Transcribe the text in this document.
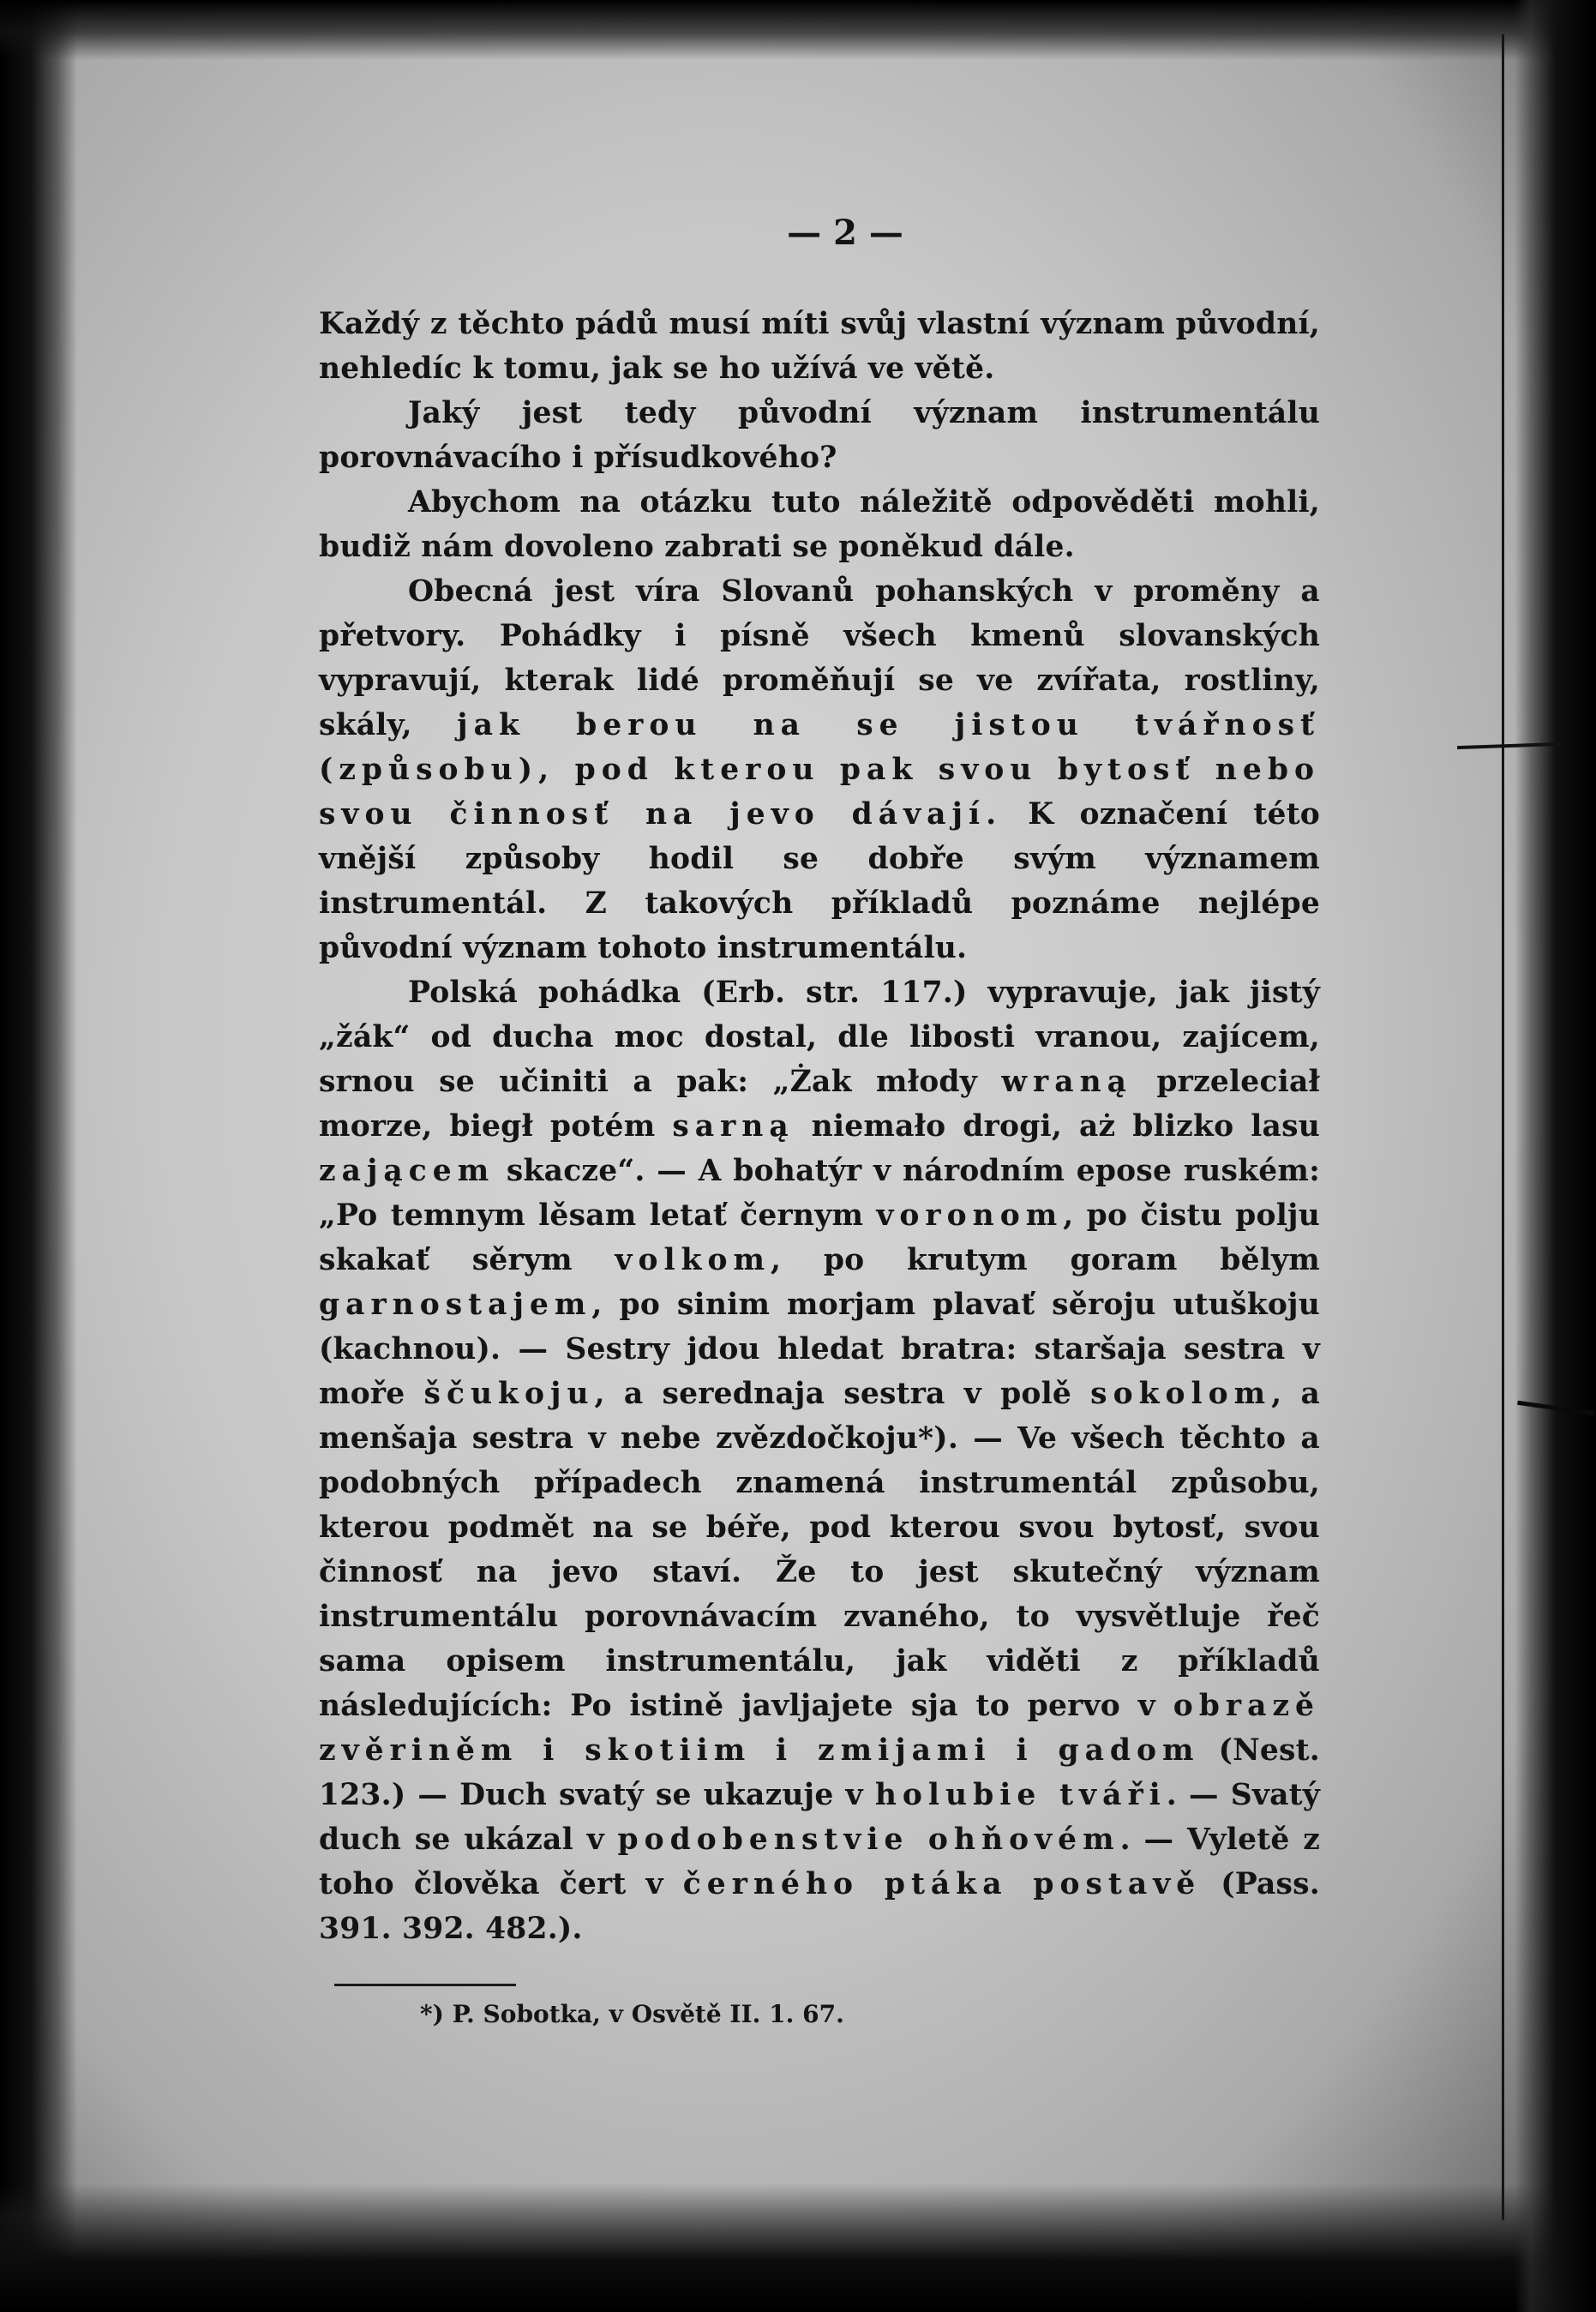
— 2 —

Každý z těchto pádů musí míti svůj vlastní význam původní, nehledíc k tomu, jak se ho užívá ve větě.

Jaký jest tedy původní význam instrumentálu porovnávacího i přísudkového?

Abychom na otázku tuto náležitě odpověděti mohli, budiž nám dovoleno zabrati se poněkud dále.

Obecná jest víra Slovanů pohanských v proměny a přetvory. Pohádky i písně všech kmenů slovanských vypravují, kterak lidé proměňují se ve zvířata, rostliny, skály, jak berou na se jistou tvářnosť (způsobu), pod kterou pak svou bytosť nebo svou činnosť na jevo dávají. K označení této vnější způsoby hodil se dobře svým významem instrumentál. Z takových příkladů poznáme nejlépe původní význam tohoto instrumentálu.

Polská pohádka (Erb. str. 117.) vypravuje, jak jistý „žák“ od ducha moc dostal, dle libosti vranou, zajícem, srnou se učiniti a pak: „Żak młody wraną przeleciał morze, biegł potém sarną niemało drogi, aż blizko lasu zającem skacze“. — A bohatýr v národním epose ruském: „Po temnym lěsam letať černym voronom, po čistu polju skakať sěrym volkom, po krutym goram bělym garnostajem, po sinim morjam plavať sěroju utuškoju (kachnou). — Sestry jdou hledat bratra: staršaja sestra v moře ščukoju, a serednaja sestra v polě sokolom, a menšaja sestra v nebe zvězdočkoju*). — Ve všech těchto a podobných případech znamená instrumentál způsobu, kterou podmět na se béře, pod kterou svou bytosť, svou činnosť na jevo staví. Že to jest skutečný význam instrumentálu porovnávacím zvaného, to vysvětluje řeč sama opisem instrumentálu, jak viděti z příkladů následujících: Po istině javljajete sja to pervo v obrazě zvěriněm i skotiim i zmijami i gadom (Nest. 123.) — Duch svatý se ukazuje v holubie tváři. — Svatý duch se ukázal v podobenstvie ohňovém. — Vyletě z toho člověka čert v černého ptáka postavě (Pass. 391. 392. 482.).

*) P. Sobotka, v Osvětě II. 1. 67.
